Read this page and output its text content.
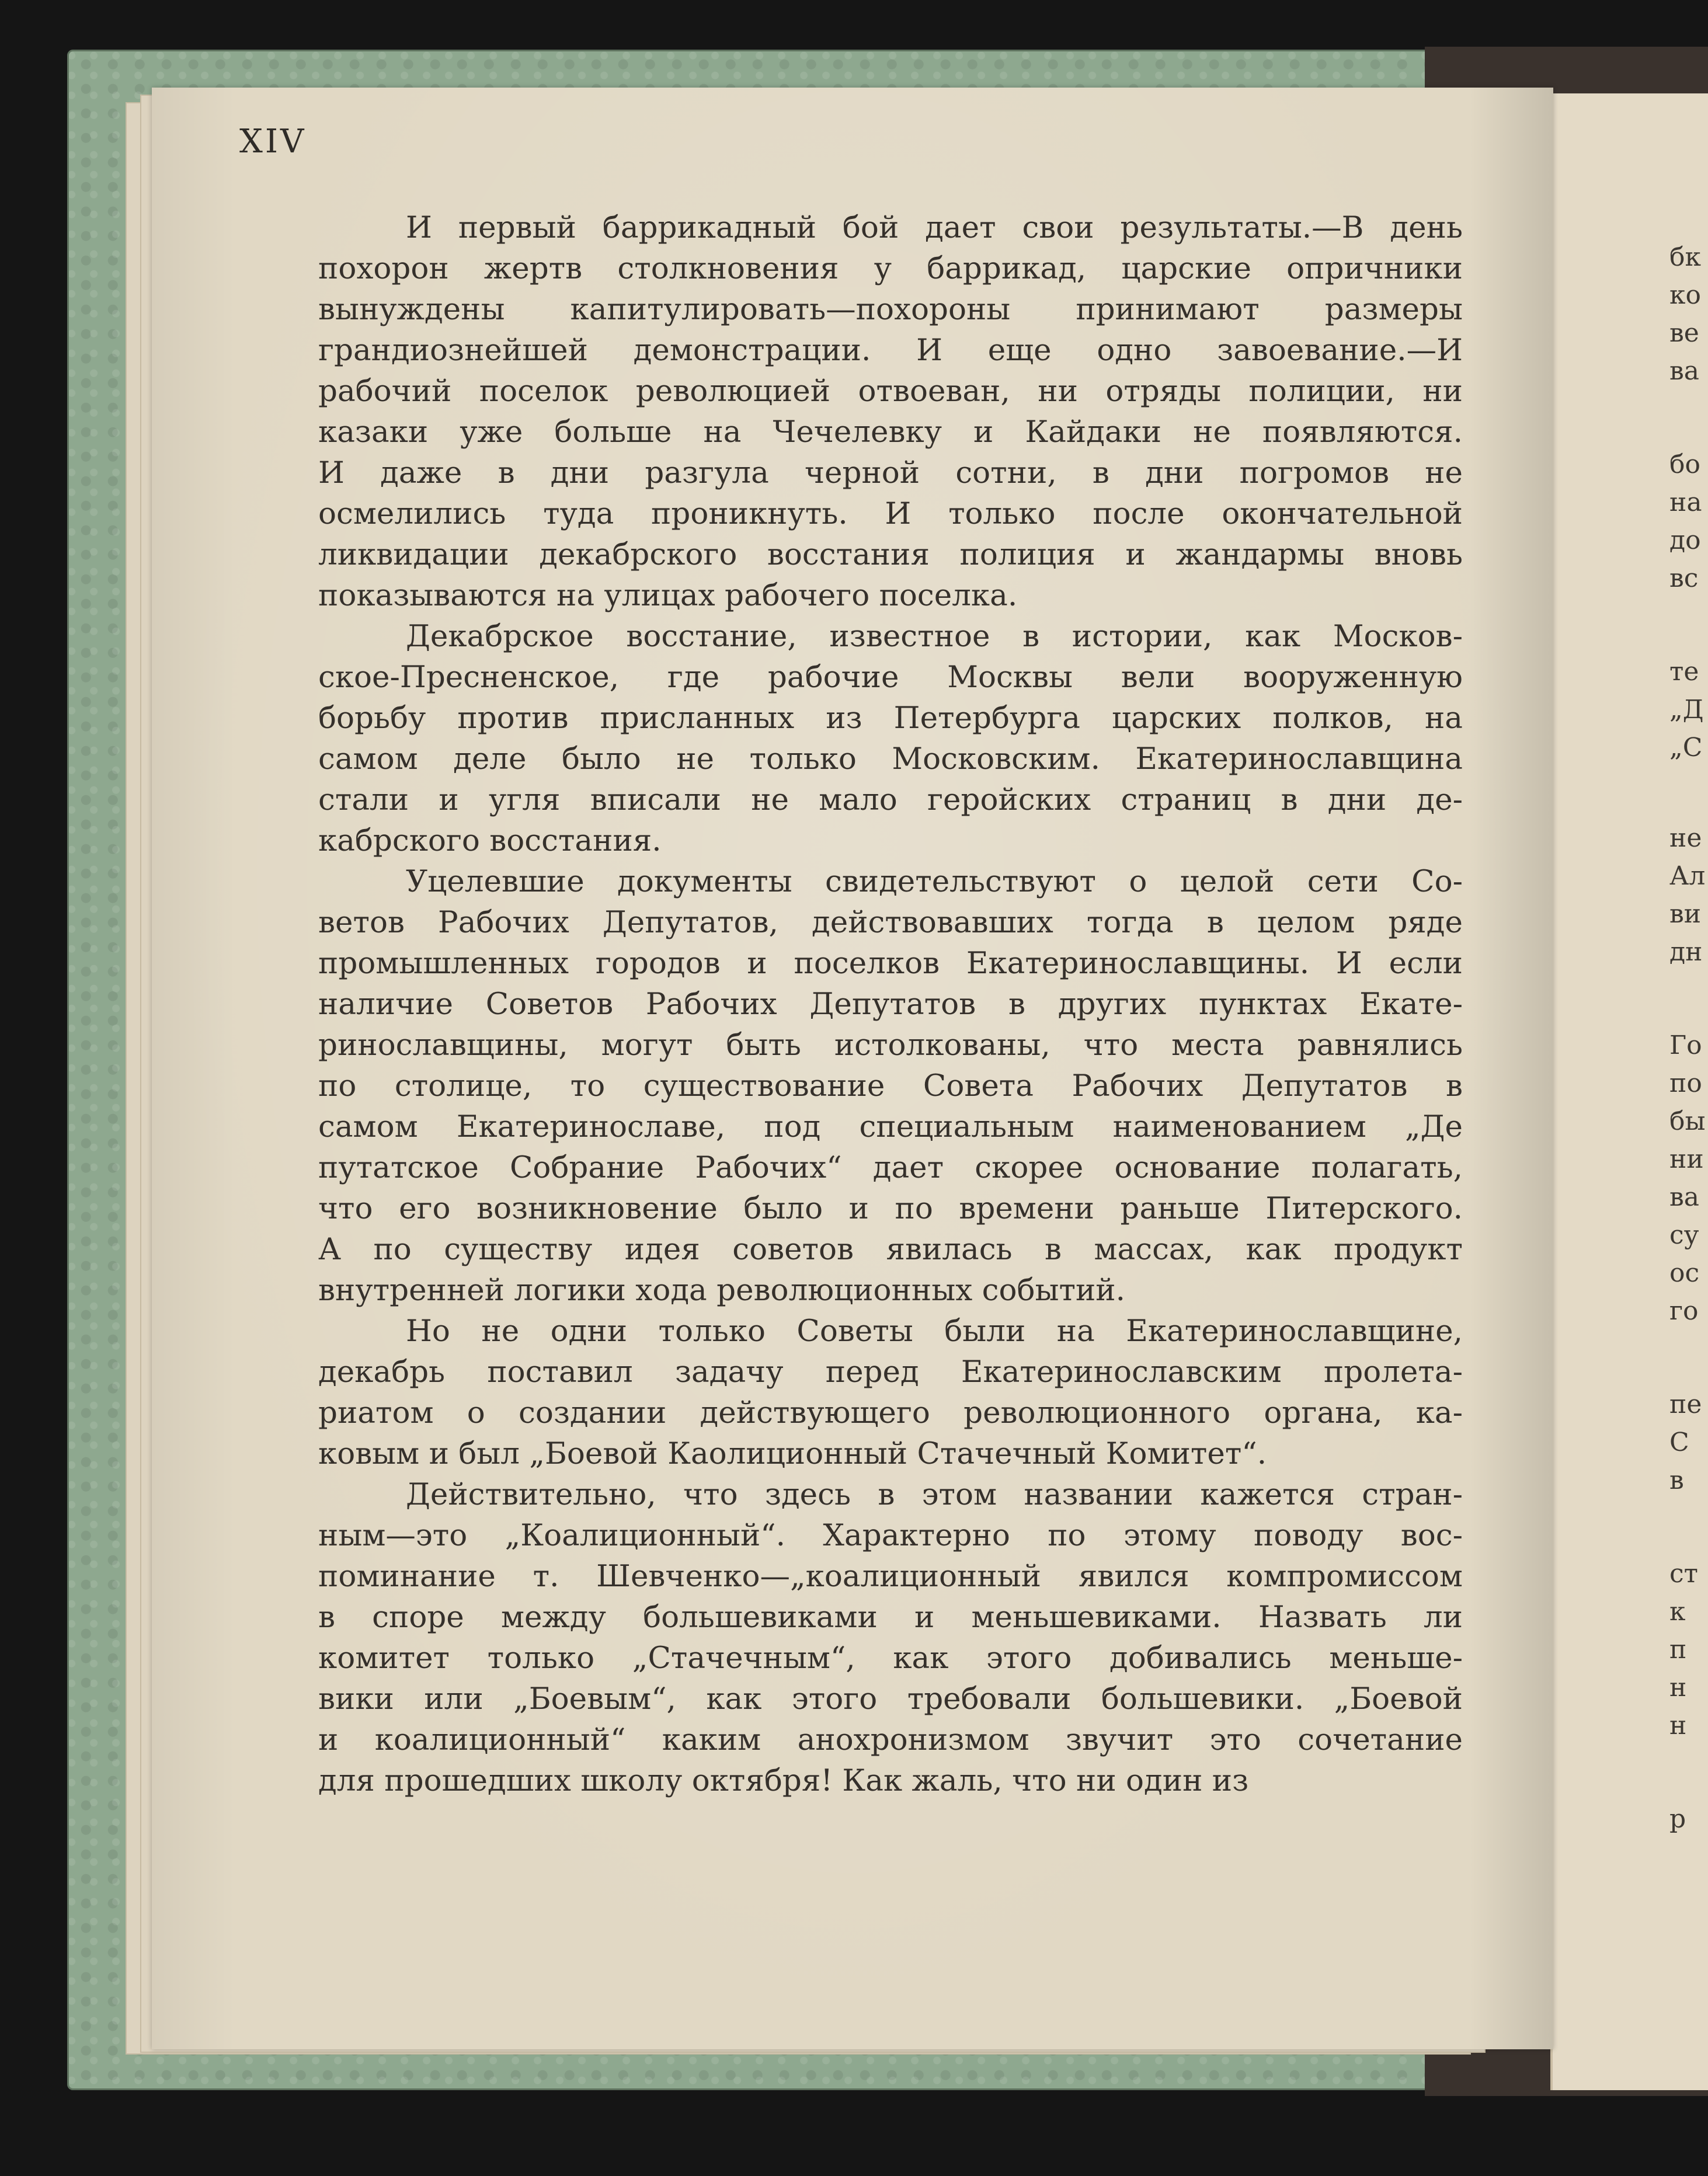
бк
ко
ве
ва
бо
на
до
вс
те
„Д
„С
не
Ал
ви
дн
Го
по
бы
ни
ва
су
ос
го
пе
С
в
ст
к
п
н
н
р
XIV

И первый баррикадный бой дает свои результаты.—В день

похорон жертв столкновения у баррикад, царские опричники

вынуждены капитулировать—похороны принимают размеры

грандиознейшей демонстрации. И еще одно завоевание.—И

рабочий поселок революцией отвоеван, ни отряды полиции, ни

казаки уже больше на Чечелевку и Кайдаки не появляются.

И даже в дни разгула черной сотни, в дни погромов не

осмелились туда проникнуть. И только после окончательной

ликвидации декабрского восстания полиция и жандармы вновь

показываются на улицах рабочего поселка.

Декабрское восстание, известное в истории, как Москов-

ское-Пресненское, где рабочие Москвы вели вооруженную

борьбу против присланных из Петербурга царских полков, на

самом деле было не только Московским. Екатеринославщина

стали и угля вписали не мало геройских страниц в дни де-

кабрского восстания.

Уцелевшие документы свидетельствуют о целой сети Со-

ветов Рабочих Депутатов, действовавших тогда в целом ряде

промышленных городов и поселков Екатеринославщины. И если

наличие Советов Рабочих Депутатов в других пунктах Екате-

ринославщины, могут быть истолкованы, что места равнялись

по столице, то существование Совета Рабочих Депутатов в

самом Екатеринославе, под специальным наименованием „Де

путатское Собрание Рабочих“ дает скорее основание полагать,

что его возникновение было и по времени раньше Питерского.

А по существу идея советов явилась в массах, как продукт

внутренней логики хода революционных событий.

Но не одни только Советы были на Екатеринославщине,

декабрь поставил задачу перед Екатеринославским пролета-

риатом о создании действующего революционного органа, ка-

ковым и был „Боевой Каолиционный Стачечный Комитет“.

Действительно, что здесь в этом названии кажется стран-

ным—это „Коалиционный“. Характерно по этому поводу вос-

поминание т. Шевченко—„коалиционный явился компромиссом

в споре между большевиками и меньшевиками. Назвать ли

комитет только „Стачечным“, как этого добивались меньше-

вики или „Боевым“, как этого требовали большевики. „Боевой

и коалиционный“ каким анохронизмом звучит это сочетание

для прошедших школу октября! Как жаль, что ни один из
